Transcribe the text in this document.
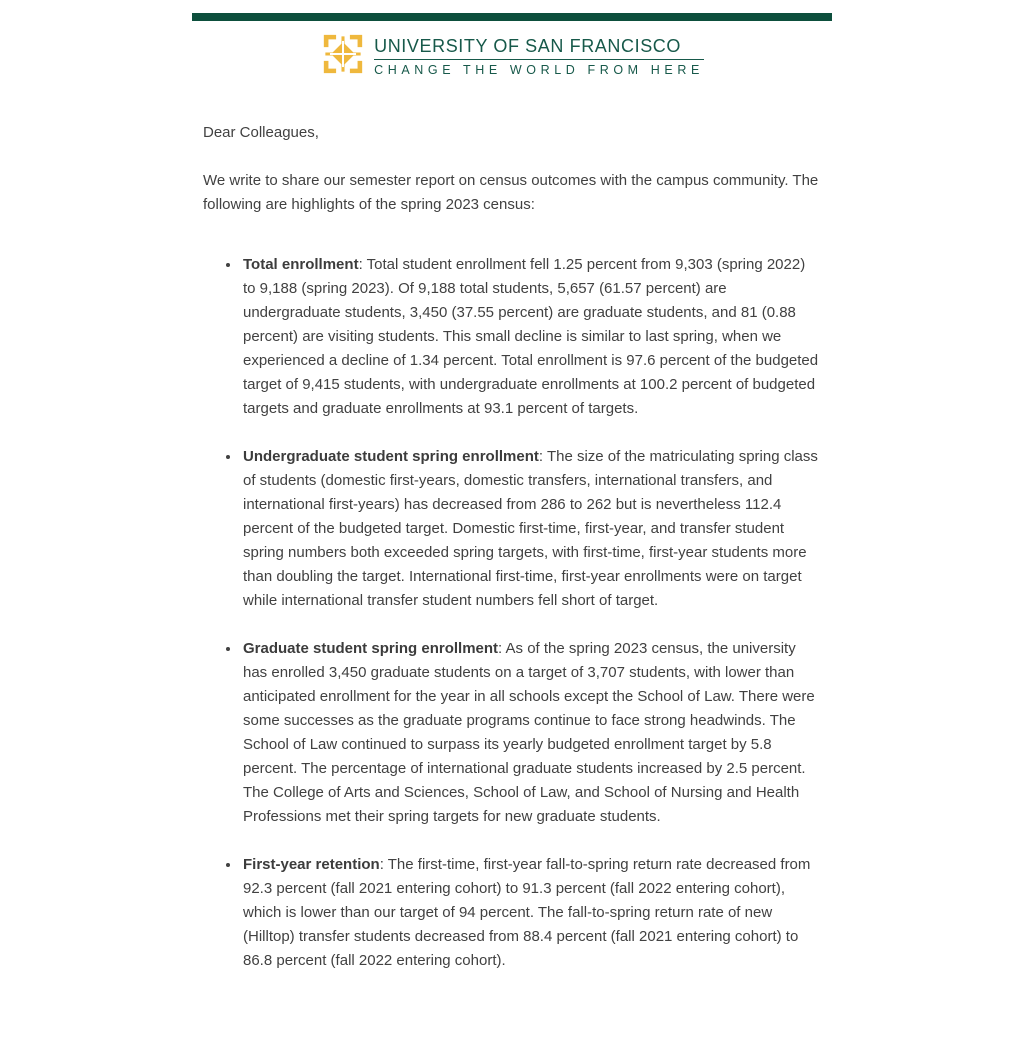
UNIVERSITY OF SAN FRANCISCO
CHANGE THE WORLD FROM HERE

Dear Colleagues,

We write to share our semester report on census outcomes with the campus community. The following are highlights of the spring 2023 census:

• Total enrollment: Total student enrollment fell 1.25 percent from 9,303 (spring 2022) to 9,188 (spring 2023). Of 9,188 total students, 5,657 (61.57 percent) are undergraduate students, 3,450 (37.55 percent) are graduate students, and 81 (0.88 percent) are visiting students. This small decline is similar to last spring, when we experienced a decline of 1.34 percent. Total enrollment is 97.6 percent of the budgeted target of 9,415 students, with undergraduate enrollments at 100.2 percent of budgeted targets and graduate enrollments at 93.1 percent of targets.
• Undergraduate student spring enrollment: The size of the matriculating spring class of students (domestic first-years, domestic transfers, international transfers, and international first-years) has decreased from 286 to 262 but is nevertheless 112.4 percent of the budgeted target. Domestic first-time, first-year, and transfer student spring numbers both exceeded spring targets, with first-time, first-year students more than doubling the target. International first-time, first-year enrollments were on target while international transfer student numbers fell short of target.
• Graduate student spring enrollment: As of the spring 2023 census, the university has enrolled 3,450 graduate students on a target of 3,707 students, with lower than anticipated enrollment for the year in all schools except the School of Law. There were some successes as the graduate programs continue to face strong headwinds. The School of Law continued to surpass its yearly budgeted enrollment target by 5.8 percent. The percentage of international graduate students increased by 2.5 percent. The College of Arts and Sciences, School of Law, and School of Nursing and Health Professions met their spring targets for new graduate students.
• First-year retention: The first-time, first-year fall-to-spring return rate decreased from 92.3 percent (fall 2021 entering cohort) to 91.3 percent (fall 2022 entering cohort), which is lower than our target of 94 percent. The fall-to-spring return rate of new (Hilltop) transfer students decreased from 88.4 percent (fall 2021 entering cohort) to 86.8 percent (fall 2022 entering cohort).
